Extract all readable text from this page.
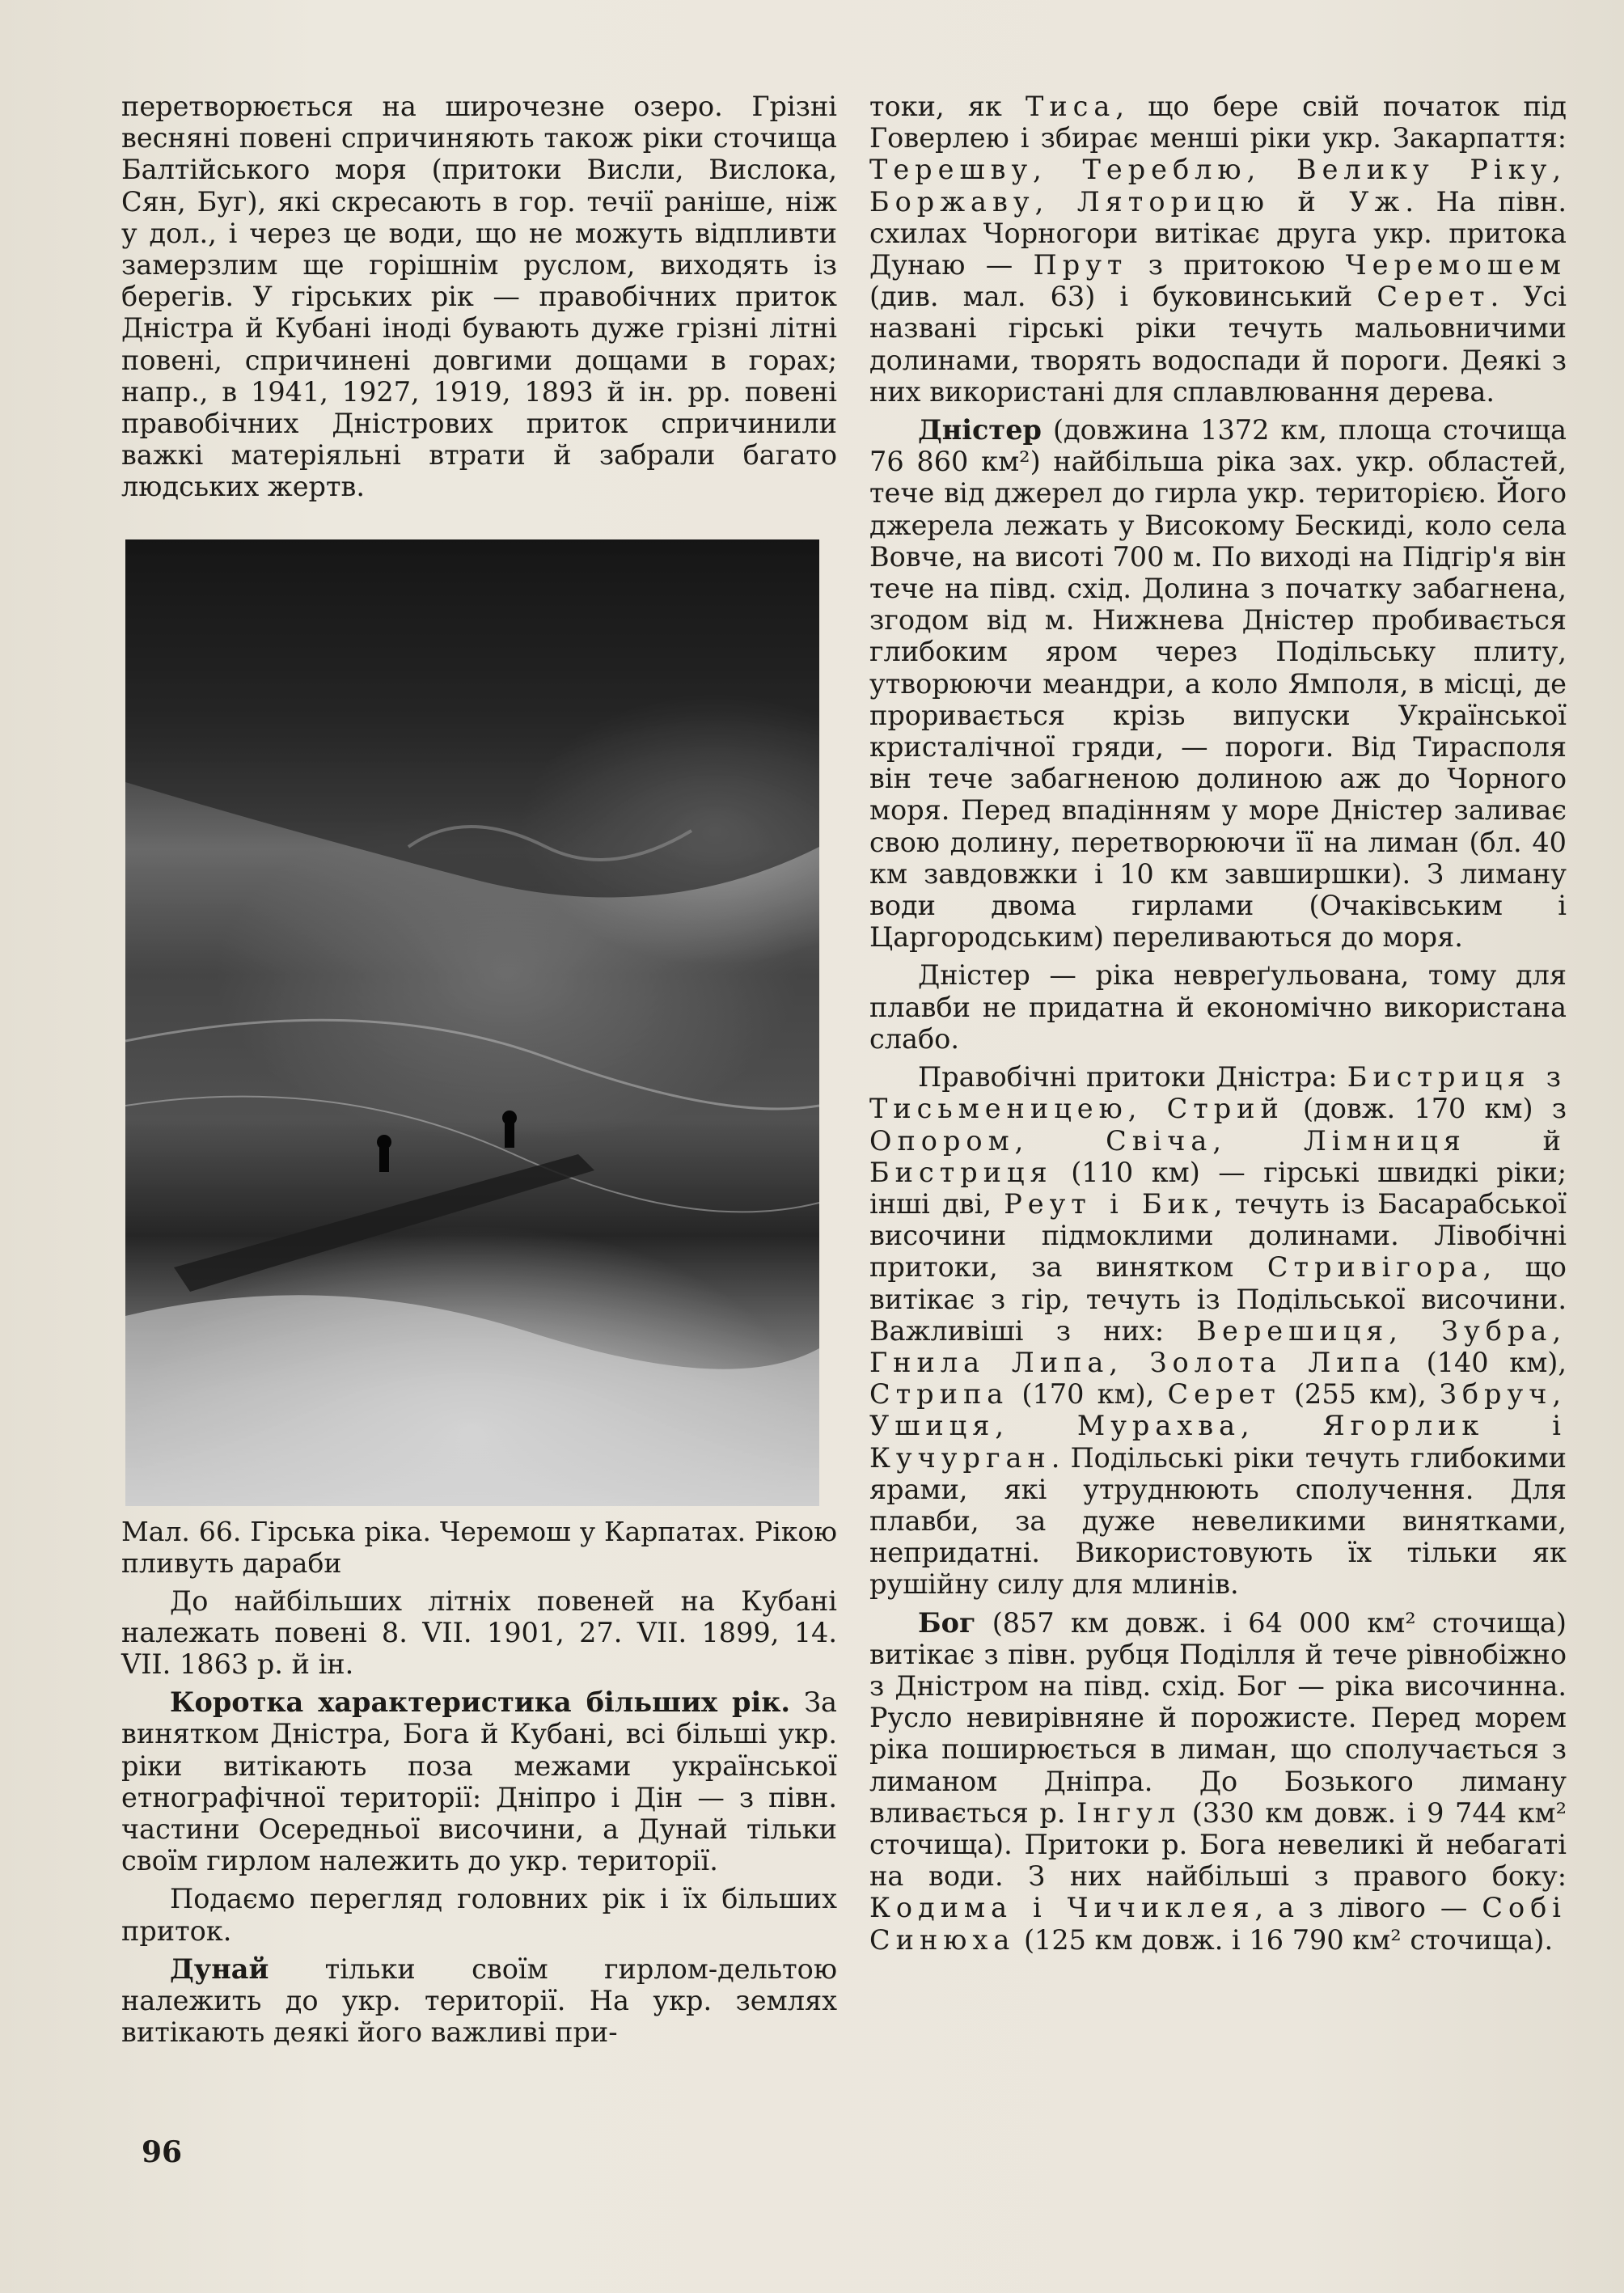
перетворюється на широчезне озеро. Грізні весняні повені спричиняють також ріки сточища Балтійського моря (притоки Висли, Вислока, Сян, Буг), які скресають в гор. течії раніше, ніж у дол., і через це води, що не можуть відпливти замерзлим ще горішнім руслом, виходять із берегів. У гірських рік — правобічних приток Дністра й Кубані іноді бувають дуже грізні літні повені, спричинені довгими дощами в горах; напр., в 1941, 1927, 1919, 1893 й ін. рр. повені правобічних Дністрових приток спричинили важкі матеріяльні втрати й забрали багато людських жертв.

Мал. 66. Гірська ріка. Черемош у Карпатах. Рікою пливуть дараби

До найбільших літніх повеней на Кубані належать повені 8. VII. 1901, 27. VII. 1899, 14. VII. 1863 р. й ін.

Коротка характеристика більших рік. За винятком Дністра, Бога й Кубані, всі більші укр. ріки витікають поза межами української етнографічної території: Дніпро і Дін — з півн. частини Осередньої височини, а Дунай тільки своїм гирлом належить до укр. території.

Подаємо перегляд головних рік і їх більших приток.

Дунай тільки своїм гирлом-дельтою належить до укр. території. На укр. землях витікають деякі його важливі при-

токи, як Тиса, що бере свій початок під Говерлею і збирає менші ріки укр. Закарпаття: Терешву, Тереблю, Велику Ріку, Боржаву, Ляторицю й Уж. На півн. схилах Чорногори витікає друга укр. притока Дунаю — Прут з притокою Черемошем (див. мал. 63) і буковинський Серет. Усі названі гірські ріки течуть мальовничими долинами, творять водоспади й пороги. Деякі з них використані для сплавлювання дерева.

Дністер (довжина 1372 км, площа сточища 76 860 км²) найбільша ріка зах. укр. областей, тече від джерел до гирла укр. територією. Його джерела лежать у Високому Бескиді, коло села Вовче, на висоті 700 м. По виході на Підгір'я він тече на півд. схід. Долина з початку забагнена, згодом від м. Нижнева Дністер пробивається глибоким яром через Подільську плиту, утворюючи меандри, а коло Ямполя, в місці, де проривається крізь випуски Української кристалічної гряди, — пороги. Від Тирасполя він тече забагненою долиною аж до Чорного моря. Перед впадінням у море Дністер заливає свою долину, перетворюючи її на лиман (бл. 40 км завдовжки і 10 км завширшки). З лиману води двома гирлами (Очаківським і Царгородським) переливаються до моря.

Дністер — ріка невреґульована, тому для плавби не придатна й економічно використана слабо.

Правобічні притоки Дністра: Бистриця з Тисьменицею, Стрий (довж. 170 км) з Опором, Свіча, Лімниця й Бистриця (110 км) — гірські швидкі ріки; інші дві, Реут і Бик, течуть із Басарабської височини підмоклими долинами. Лівобічні притоки, за винятком Стривігора, що витікає з гір, течуть із Подільської височини. Важливіші з них: Верешиця, Зубра, Гнила Липа, Золота Липа (140 км), Стрипа (170 км), Серет (255 км), Збруч, Ушиця, Мурахва, Ягорлик і Кучурган. Подільські ріки течуть глибокими ярами, які утруднюють сполучення. Для плавби, за дуже невеликими винятками, непридатні. Використовують їх тільки як рушійну силу для млинів.

Бог (857 км довж. і 64 000 км² сточища) витікає з півн. рубця Поділля й тече рівнобіжно з Дністром на півд. схід. Бог — ріка височинна. Русло невирівняне й порожисте. Перед морем ріка поширюється в лиман, що сполучається з лиманом Дніпра. До Бозького лиману вливається р. Інгул (330 км довж. і 9 744 км² сточища). Притоки р. Бога невеликі й небагаті на води. З них найбільші з правого боку: Кодима і Чичиклея, а з лівого — Собі Синюха (125 км довж. і 16 790 км² сточища).

96
